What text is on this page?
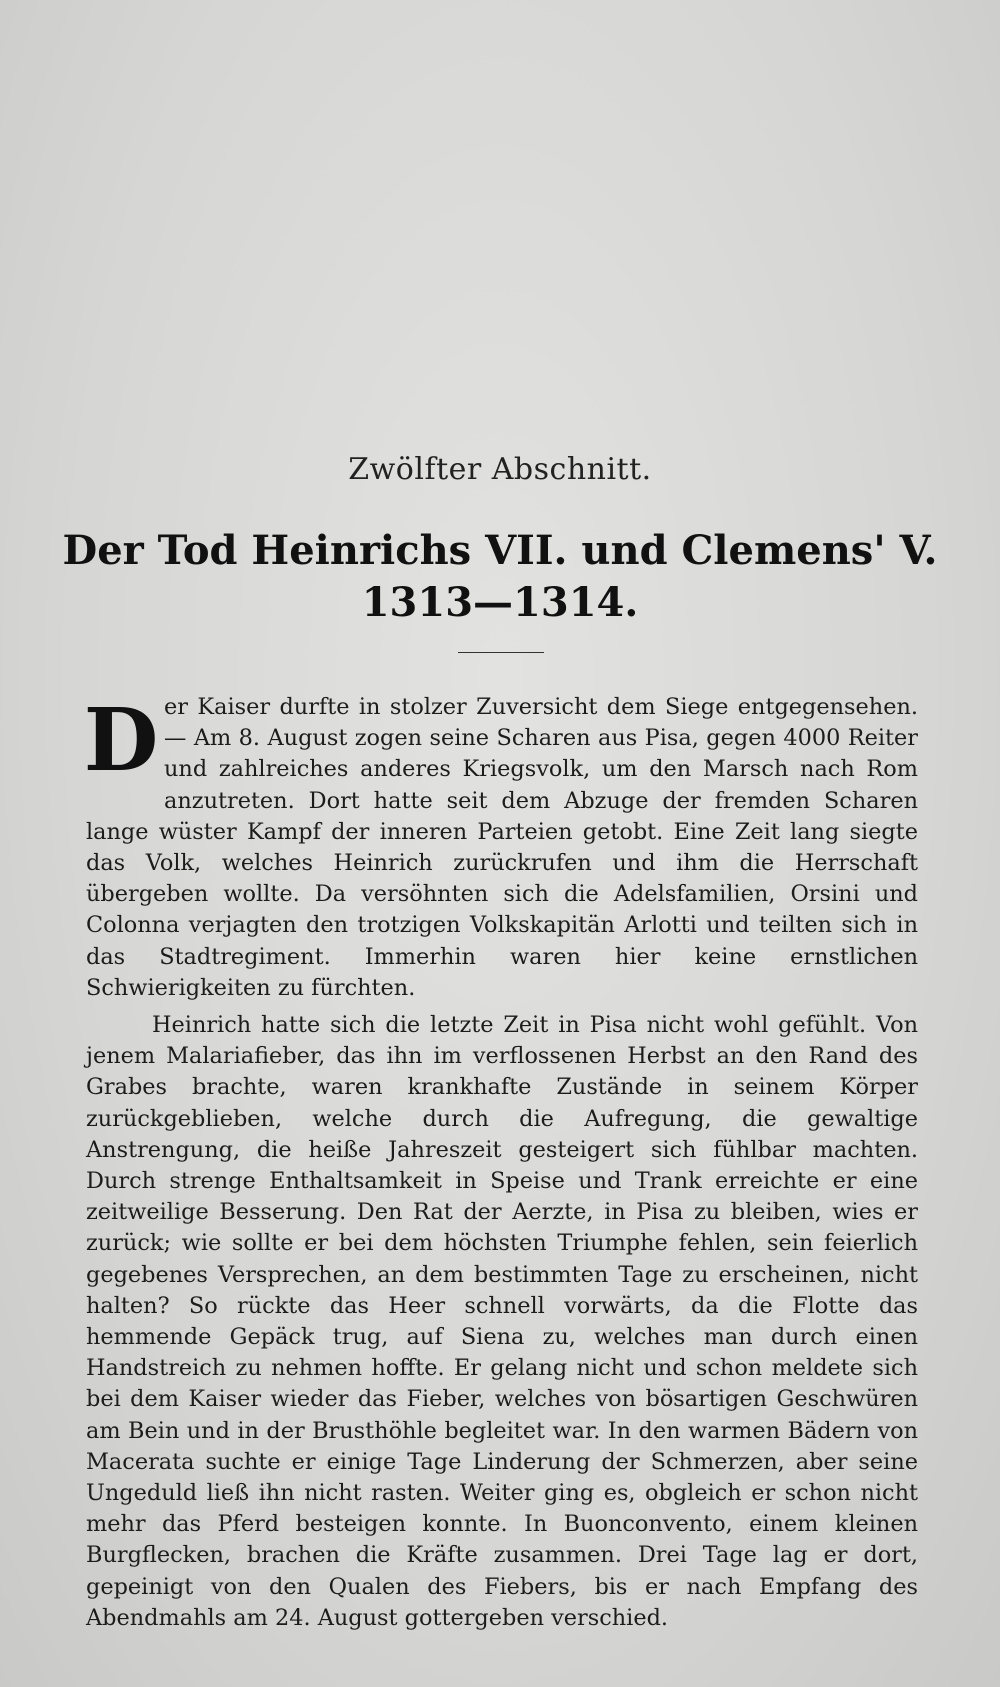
Zwölfter Abschnitt.
Der Tod Heinrichs VII. und Clemens' V.
1313—1314.

Der Kaiser durfte in stolzer Zuversicht dem Siege entgegensehen. — Am 8. August zogen seine Scharen aus Pisa, gegen 4000 Reiter und zahlreiches anderes Kriegsvolk, um den Marsch nach Rom anzutreten. Dort hatte seit dem Abzuge der fremden Scharen lange wüster Kampf der inneren Parteien getobt. Eine Zeit lang siegte das Volk, welches Heinrich zurückrufen und ihm die Herrschaft übergeben wollte. Da versöhnten sich die Adelsfamilien, Orsini und Colonna verjagten den trotzigen Volkskapitän Arlotti und teilten sich in das Stadtregiment. Immerhin waren hier keine ernstlichen Schwierigkeiten zu fürchten.

Heinrich hatte sich die letzte Zeit in Pisa nicht wohl gefühlt. Von jenem Malariafieber, das ihn im verflossenen Herbst an den Rand des Grabes brachte, waren krankhafte Zustände in seinem Körper zurückgeblieben, welche durch die Aufregung, die gewaltige Anstrengung, die heiße Jahreszeit gesteigert sich fühlbar machten. Durch strenge Enthaltsamkeit in Speise und Trank erreichte er eine zeitweilige Besserung. Den Rat der Aerzte, in Pisa zu bleiben, wies er zurück; wie sollte er bei dem höchsten Triumphe fehlen, sein feierlich gegebenes Versprechen, an dem bestimmten Tage zu erscheinen, nicht halten? So rückte das Heer schnell vorwärts, da die Flotte das hemmende Gepäck trug, auf Siena zu, welches man durch einen Handstreich zu nehmen hoffte. Er gelang nicht und schon meldete sich bei dem Kaiser wieder das Fieber, welches von bösartigen Geschwüren am Bein und in der Brusthöhle begleitet war. In den warmen Bädern von Macerata suchte er einige Tage Linderung der Schmerzen, aber seine Ungeduld ließ ihn nicht rasten. Weiter ging es, obgleich er schon nicht mehr das Pferd besteigen konnte. In Buonconvento, einem kleinen Burgflecken, brachen die Kräfte zusammen. Drei Tage lag er dort, gepeinigt von den Qualen des Fiebers, bis er nach Empfang des Abendmahls am 24. August gottergeben verschied.
